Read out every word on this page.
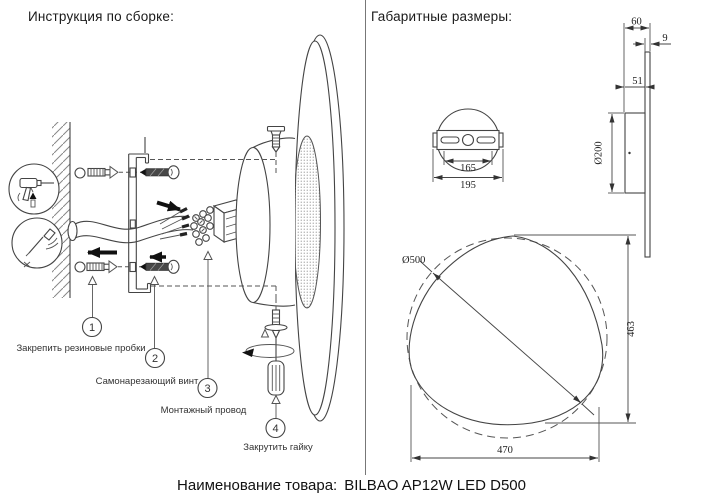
Инструкция по сборке:	Габаритные размеры:
1
Закрепить резиновые пробки
2
Самонарезающий винт
3
Монтажный провод
4
Закрутить гайку
165
195
60
9
51
Ø200
Ø500
470
463
Наименование товара: BILBAO AP12W LED D500
